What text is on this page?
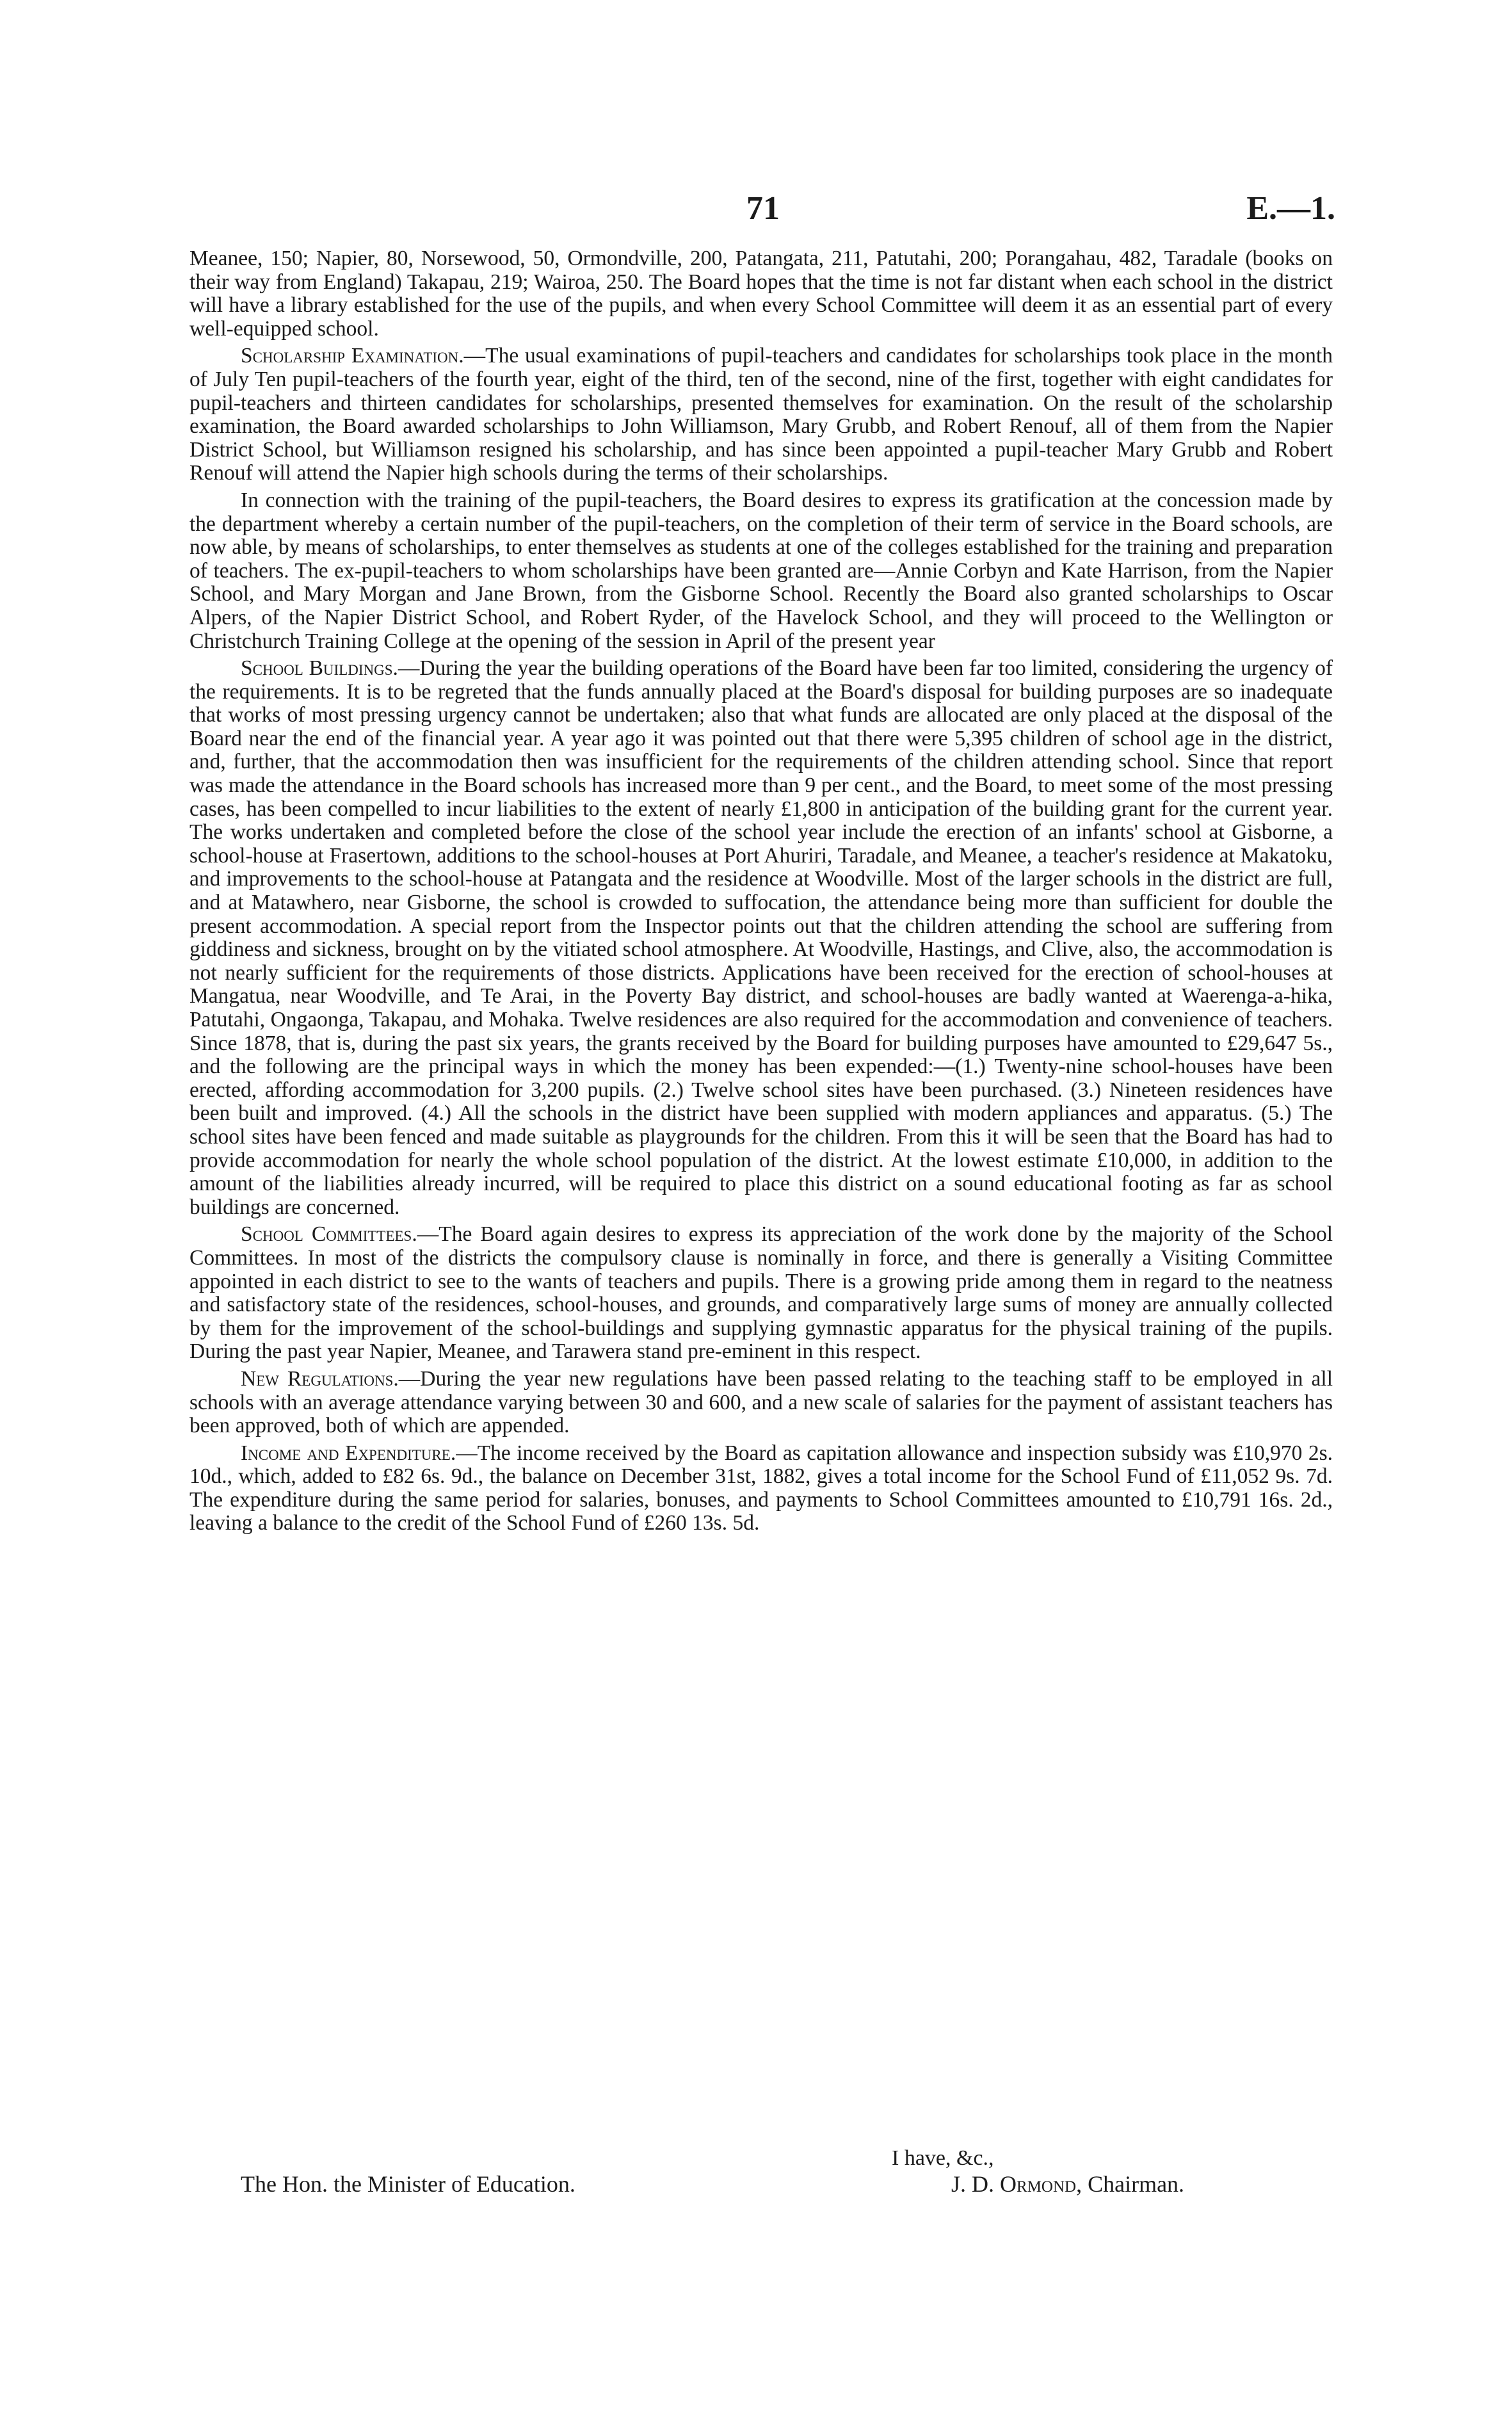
71	E.—1.

Meanee, 150; Napier, 80, Norsewood, 50, Ormondville, 200, Patangata, 211, Patutahi, 200; Porangahau, 482, Taradale (books on their way from England) Takapau, 219; Wairoa, 250. The Board hopes that the time is not far distant when each school in the district will have a library established for the use of the pupils, and when every School Committee will deem it as an essential part of every well-equipped school.

Scholarship Examination.—The usual examinations of pupil-teachers and candidates for scholarships took place in the month of July Ten pupil-teachers of the fourth year, eight of the third, ten of the second, nine of the first, together with eight candidates for pupil-teachers and thirteen candidates for scholarships, presented themselves for examination. On the result of the scholarship examination, the Board awarded scholarships to John Williamson, Mary Grubb, and Robert Renouf, all of them from the Napier District School, but Williamson resigned his scholarship, and has since been appointed a pupil-teacher Mary Grubb and Robert Renouf will attend the Napier high schools during the terms of their scholarships.

In connection with the training of the pupil-teachers, the Board desires to express its gratification at the concession made by the department whereby a certain number of the pupil-teachers, on the completion of their term of service in the Board schools, are now able, by means of scholarships, to enter themselves as students at one of the colleges established for the training and preparation of teachers. The ex-pupil-teachers to whom scholarships have been granted are—Annie Corbyn and Kate Harrison, from the Napier School, and Mary Morgan and Jane Brown, from the Gisborne School. Recently the Board also granted scholarships to Oscar Alpers, of the Napier District School, and Robert Ryder, of the Havelock School, and they will proceed to the Wellington or Christchurch Training College at the opening of the session in April of the present year

School Buildings.—During the year the building operations of the Board have been far too limited, considering the urgency of the requirements. It is to be regreted that the funds annually placed at the Board's disposal for building purposes are so inadequate that works of most pressing urgency cannot be undertaken; also that what funds are allocated are only placed at the disposal of the Board near the end of the financial year. A year ago it was pointed out that there were 5,395 children of school age in the district, and, further, that the accommodation then was insufficient for the requirements of the children attending school. Since that report was made the attendance in the Board schools has increased more than 9 per cent., and the Board, to meet some of the most pressing cases, has been compelled to incur liabilities to the extent of nearly £1,800 in anticipation of the building grant for the current year. The works undertaken and completed before the close of the school year include the erection of an infants' school at Gisborne, a school-house at Frasertown, additions to the school-houses at Port Ahuriri, Taradale, and Meanee, a teacher's residence at Makatoku, and improvements to the school-house at Patangata and the residence at Woodville. Most of the larger schools in the district are full, and at Matawhero, near Gisborne, the school is crowded to suffocation, the attendance being more than sufficient for double the present accommodation. A special report from the Inspector points out that the children attending the school are suffering from giddiness and sickness, brought on by the vitiated school atmosphere. At Woodville, Hastings, and Clive, also, the accommodation is not nearly sufficient for the requirements of those districts. Applications have been received for the erection of school-houses at Mangatua, near Woodville, and Te Arai, in the Poverty Bay district, and school-houses are badly wanted at Waerenga-a-hika, Patutahi, Ongaonga, Takapau, and Mohaka. Twelve residences are also required for the accommodation and convenience of teachers. Since 1878, that is, during the past six years, the grants received by the Board for building purposes have amounted to £29,647 5s., and the following are the principal ways in which the money has been expended:—(1.) Twenty-nine school-houses have been erected, affording accommodation for 3,200 pupils. (2.) Twelve school sites have been purchased. (3.) Nineteen residences have been built and improved. (4.) All the schools in the district have been supplied with modern appliances and apparatus. (5.) The school sites have been fenced and made suitable as playgrounds for the children. From this it will be seen that the Board has had to provide accommodation for nearly the whole school population of the district. At the lowest estimate £10,000, in addition to the amount of the liabilities already incurred, will be required to place this district on a sound educational footing as far as school buildings are concerned.

School Committees.—The Board again desires to express its appreciation of the work done by the majority of the School Committees. In most of the districts the compulsory clause is nominally in force, and there is generally a Visiting Committee appointed in each district to see to the wants of teachers and pupils. There is a growing pride among them in regard to the neatness and satisfactory state of the residences, school-houses, and grounds, and comparatively large sums of money are annually collected by them for the improvement of the school-buildings and supplying gymnastic apparatus for the physical training of the pupils. During the past year Napier, Meanee, and Tarawera stand pre-eminent in this respect.

New Regulations.—During the year new regulations have been passed relating to the teaching staff to be employed in all schools with an average attendance varying between 30 and 600, and a new scale of salaries for the payment of assistant teachers has been approved, both of which are appended.

Income and Expenditure.—The income received by the Board as capitation allowance and inspection subsidy was £10,970 2s. 10d., which, added to £82 6s. 9d., the balance on December 31st, 1882, gives a total income for the School Fund of £11,052 9s. 7d. The expenditure during the same period for salaries, bonuses, and payments to School Committees amounted to £10,791 16s. 2d., leaving a balance to the credit of the School Fund of £260 13s. 5d.

I have, &c.,
The Hon. the Minister of Education.	J. D. Ormond, Chairman.
